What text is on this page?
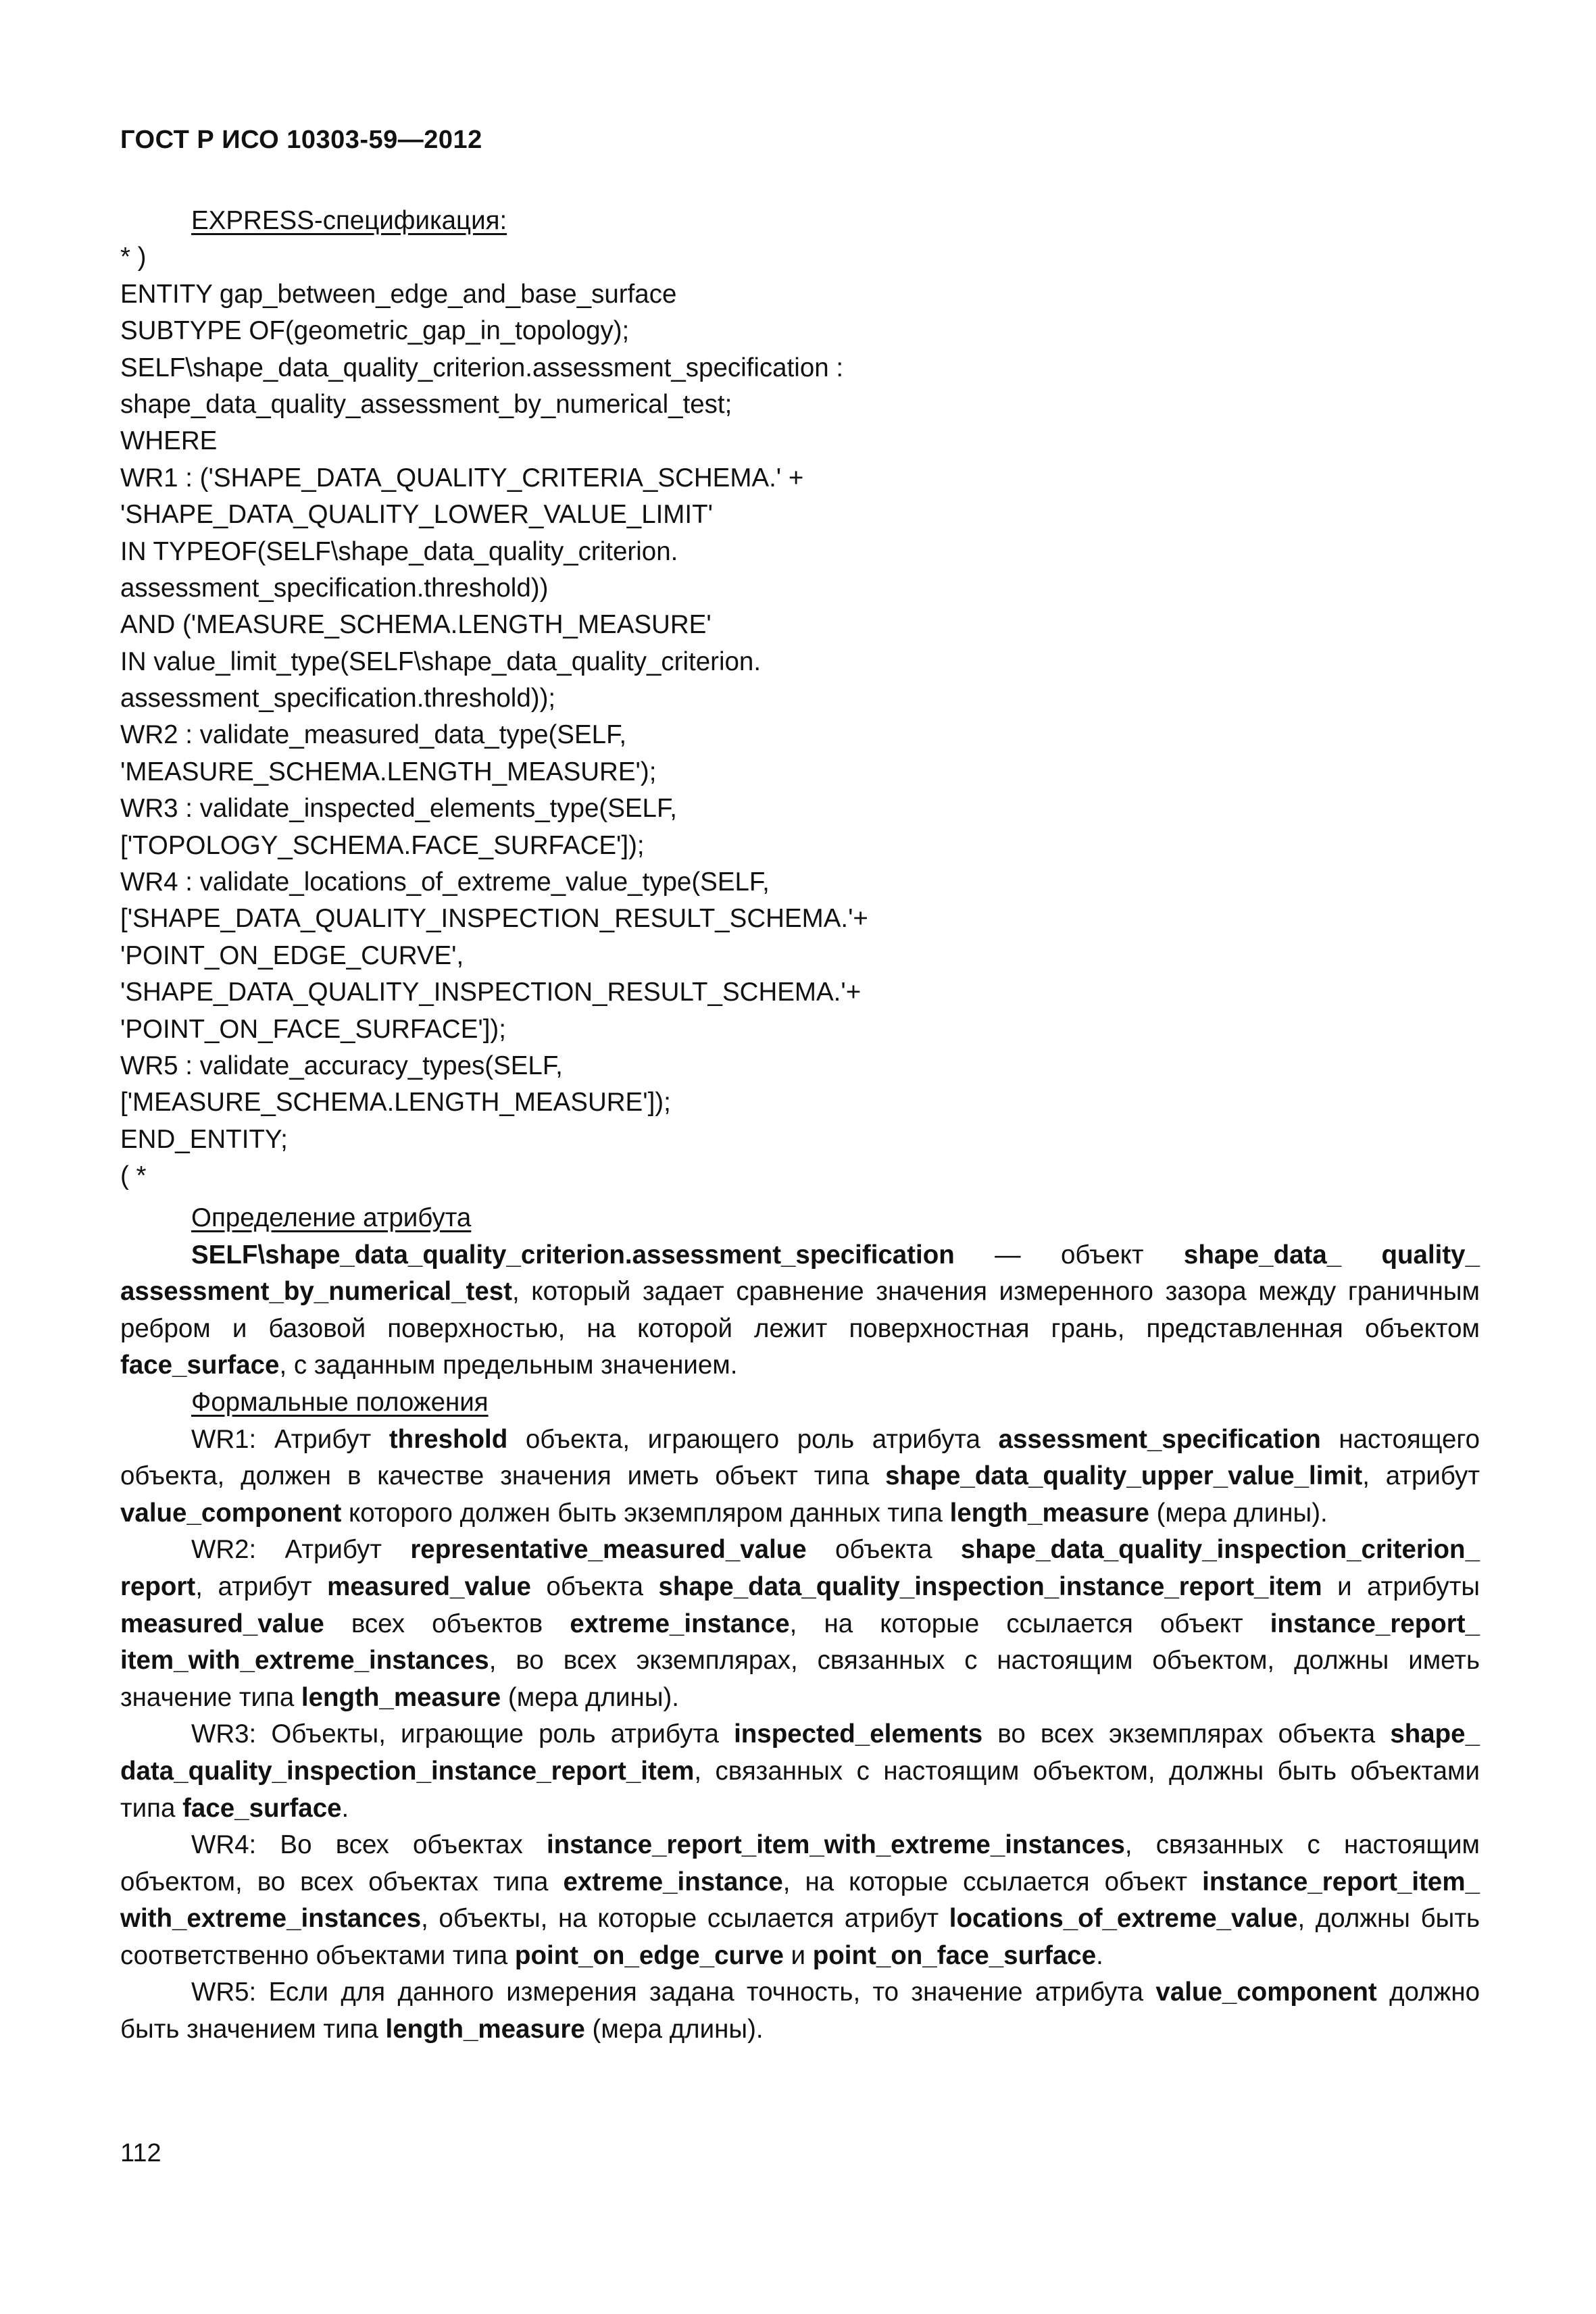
ГОСТ Р ИСО 10303-59—2012
EXPRESS-спецификация:
* )
ENTITY gap_between_edge_and_base_surface
SUBTYPE OF(geometric_gap_in_topology);
SELF\shape_data_quality_criterion.assessment_specification :
shape_data_quality_assessment_by_numerical_test;
WHERE
WR1 : ('SHAPE_DATA_QUALITY_CRITERIA_SCHEMA.' +
'SHAPE_DATA_QUALITY_LOWER_VALUE_LIMIT'
IN TYPEOF(SELF\shape_data_quality_criterion.
assessment_specification.threshold))
AND ('MEASURE_SCHEMA.LENGTH_MEASURE'
IN value_limit_type(SELF\shape_data_quality_criterion.
assessment_specification.threshold));
WR2 : validate_measured_data_type(SELF,
'MEASURE_SCHEMA.LENGTH_MEASURE');
WR3 : validate_inspected_elements_type(SELF,
['TOPOLOGY_SCHEMA.FACE_SURFACE']);
WR4 : validate_locations_of_extreme_value_type(SELF,
['SHAPE_DATA_QUALITY_INSPECTION_RESULT_SCHEMA.'+
'POINT_ON_EDGE_CURVE',
'SHAPE_DATA_QUALITY_INSPECTION_RESULT_SCHEMA.'+
'POINT_ON_FACE_SURFACE']);
WR5 : validate_accuracy_types(SELF,
['MEASURE_SCHEMA.LENGTH_MEASURE']);
END_ENTITY;
( *
Определение атрибута

SELF\shape_data_quality_criterion.assessment_specification — объект shape_data_ quality_ assessment_by_numerical_test, который задает сравнение значения измеренного зазора между граничным ребром и базовой поверхностью, на которой лежит поверхностная грань, представленная объектом face_surface, с заданным предельным значением.

Формальные положения

WR1: Атрибут threshold объекта, играющего роль атрибута assessment_specification настоящего объекта, должен в качестве значения иметь объект типа shape_data_quality_upper_value_limit, атрибут value_component которого должен быть экземпляром данных типа length_measure (мера длины).

WR2: Атрибут representative_measured_value объекта shape_data_quality_inspection_criterion_ report, атрибут measured_value объекта shape_data_quality_inspection_instance_report_item и атрибуты measured_value всех объектов extreme_instance, на которые ссылается объект instance_report_ item_with_extreme_instances, во всех экземплярах, связанных с настоящим объектом, должны иметь значение типа length_measure (мера длины).

WR3: Объекты, играющие роль атрибута inspected_elements во всех экземплярах объекта shape_ data_quality_inspection_instance_report_item, связанных с настоящим объектом, должны быть объектами типа face_surface.

WR4: Во всех объектах instance_report_item_with_extreme_instances, связанных с настоящим объектом, во всех объектах типа extreme_instance, на которые ссылается объект instance_report_item_ with_extreme_instances, объекты, на которые ссылается атрибут locations_of_extreme_value, должны быть соответственно объектами типа point_on_edge_curve и point_on_face_surface.

WR5: Если для данного измерения задана точность, то значение атрибута value_component должно быть значением типа length_measure (мера длины).

112
